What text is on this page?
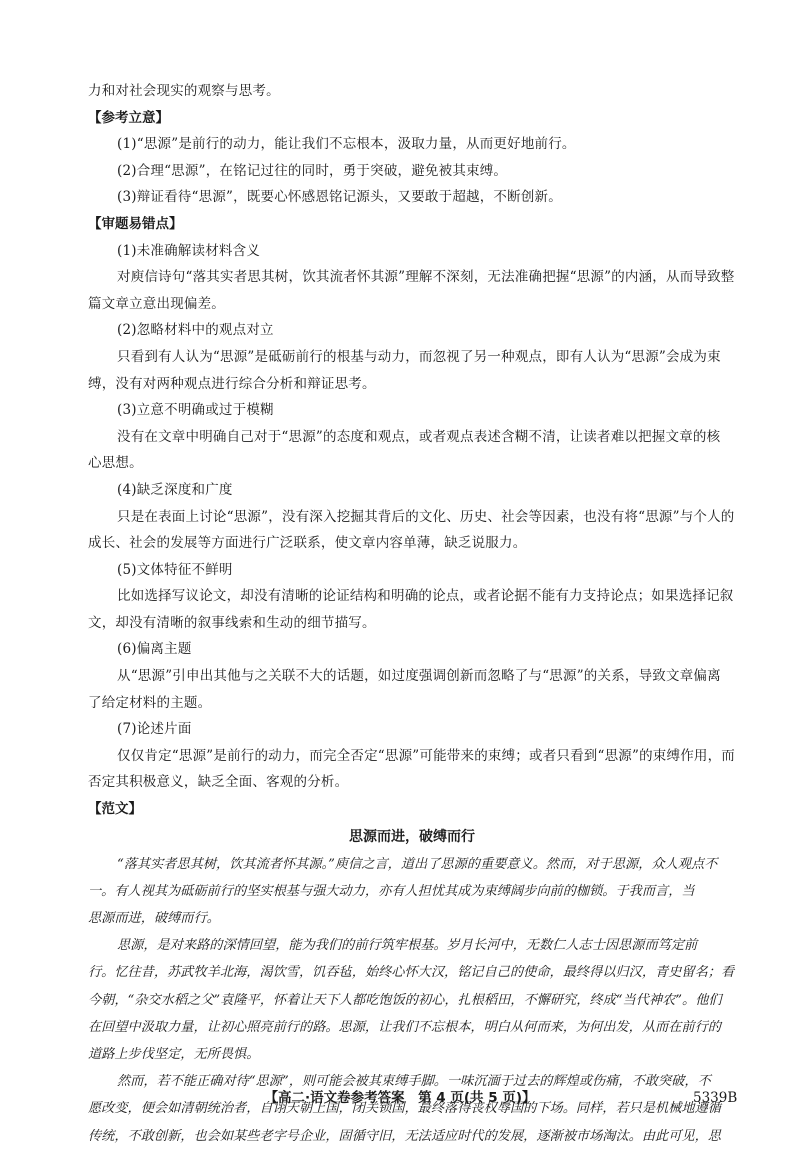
力和对社会现实的观察与思考。
【参考立意】
(1)“思源”是前行的动力，能让我们不忘根本，汲取力量，从而更好地前行。
(2)合理“思源”，在铭记过往的同时，勇于突破，避免被其束缚。
(3)辩证看待“思源”，既要心怀感恩铭记源头，又要敢于超越，不断创新。
【审题易错点】
(1)未准确解读材料含义
对庾信诗句“落其实者思其树，饮其流者怀其源”理解不深刻，无法准确把握“思源”的内涵，从而导致整
篇文章立意出现偏差。
(2)忽略材料中的观点对立
只看到有人认为“思源”是砥砺前行的根基与动力，而忽视了另一种观点，即有人认为“思源”会成为束
缚，没有对两种观点进行综合分析和辩证思考。
(3)立意不明确或过于模糊
没有在文章中明确自己对于“思源”的态度和观点，或者观点表述含糊不清，让读者难以把握文章的核
心思想。
(4)缺乏深度和广度
只是在表面上讨论“思源”，没有深入挖掘其背后的文化、历史、社会等因素，也没有将“思源”与个人的
成长、社会的发展等方面进行广泛联系，使文章内容单薄，缺乏说服力。
(5)文体特征不鲜明
比如选择写议论文，却没有清晰的论证结构和明确的论点，或者论据不能有力支持论点；如果选择记叙
文，却没有清晰的叙事线索和生动的细节描写。
(6)偏离主题
从“思源”引申出其他与之关联不大的话题，如过度强调创新而忽略了与“思源”的关系，导致文章偏离
了给定材料的主题。
(7)论述片面
仅仅肯定“思源”是前行的动力，而完全否定“思源”可能带来的束缚；或者只看到“思源”的束缚作用，而
否定其积极意义，缺乏全面、客观的分析。
【范文】
思源而进，破缚而行
“落其实者思其树，饮其流者怀其源。”庾信之言，道出了思源的重要意义。然而，对于思源，众人观点不
一。有人视其为砥砺前行的坚实根基与强大动力，亦有人担忧其成为束缚阔步向前的枷锁。于我而言，当
思源而进，破缚而行。
思源，是对来路的深情回望，能为我们的前行筑牢根基。岁月长河中，无数仁人志士因思源而笃定前
行。忆往昔，苏武牧羊北海，渴饮雪，饥吞毡，始终心怀大汉，铭记自己的使命，最终得以归汉，青史留名；看
今朝，“杂交水稻之父”袁隆平，怀着让天下人都吃饱饭的初心，扎根稻田，不懈研究，终成“当代神农”。他们
在回望中汲取力量，让初心照亮前行的路。思源，让我们不忘根本，明白从何而来，为何出发，从而在前行的
道路上步伐坚定，无所畏惧。
然而，若不能正确对待“思源”，则可能会被其束缚手脚。一味沉湎于过去的辉煌或伤痛，不敢突破，不
愿改变，便会如清朝统治者，自诩天朝上国，闭关锁国，最终落得丧权辱国的下场。同样，若只是机械地遵循
传统，不敢创新，也会如某些老字号企业，固循守旧，无法适应时代的发展，逐渐被市场淘汰。由此可见，思
【高二·语文卷参考答案　第 4 页(共 5 页)】	5339B
